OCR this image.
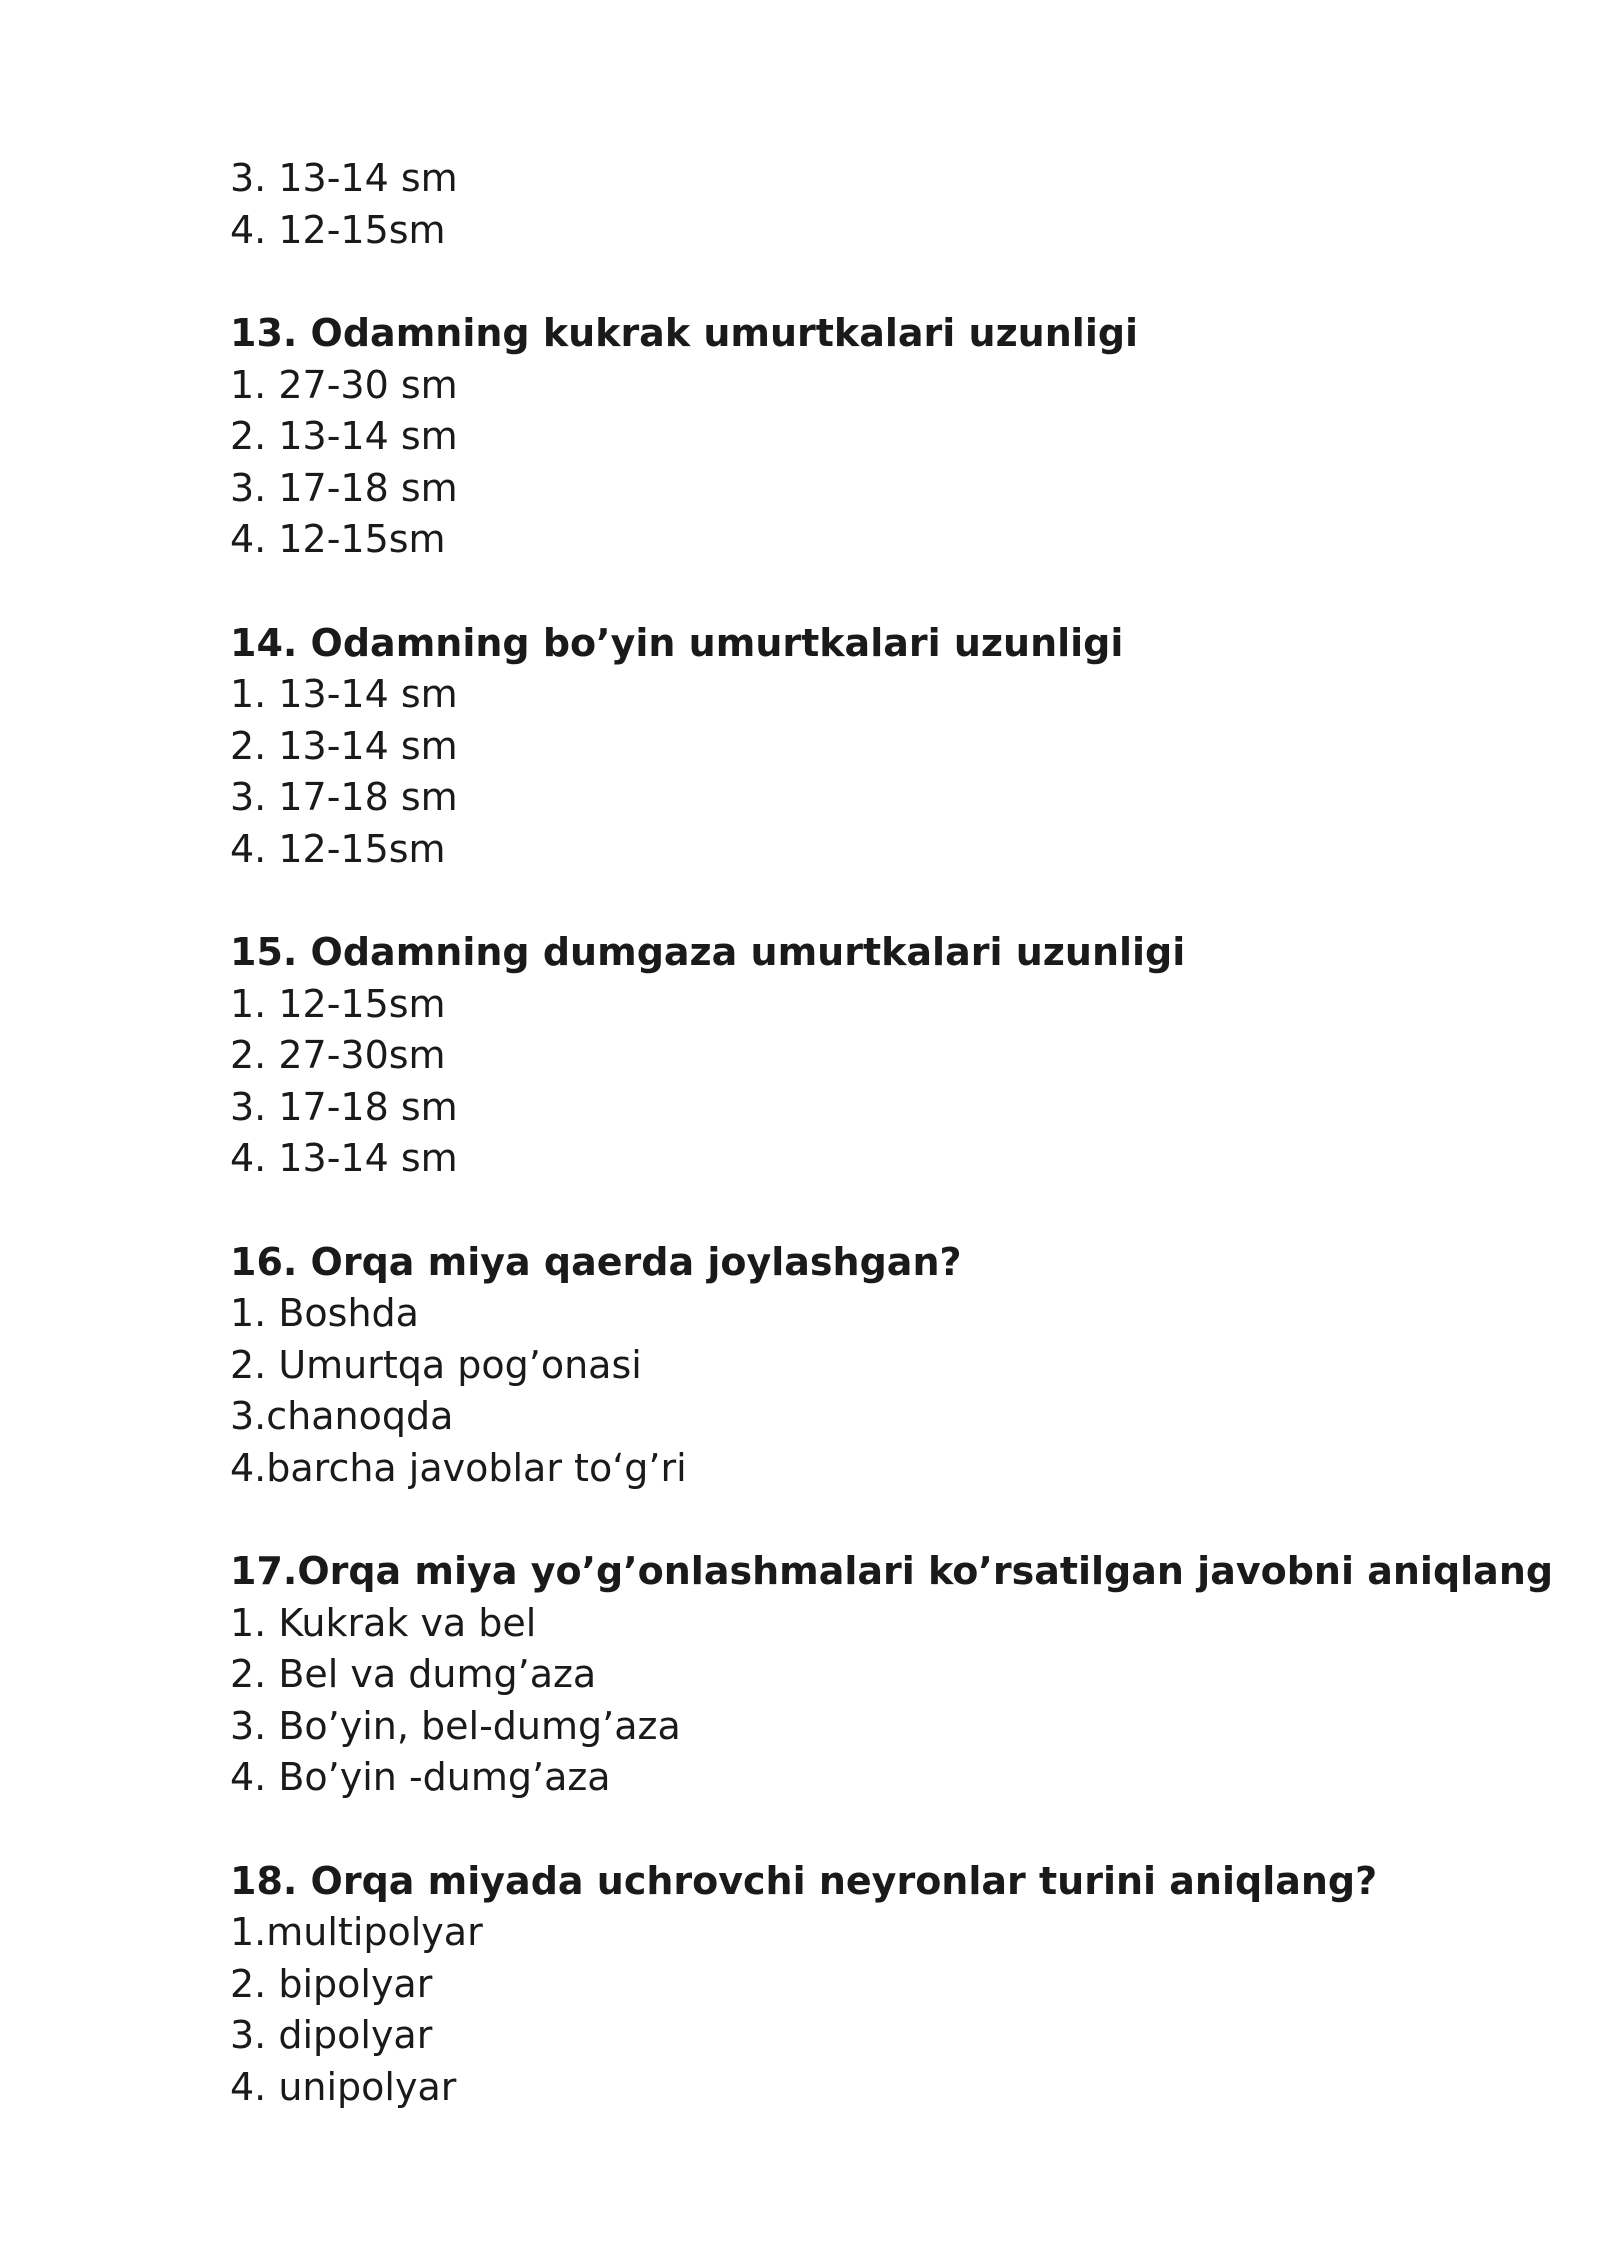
3. 13-14 sm
4. 12-15sm
13. Odamning kukrak umurtkalari uzunligi
1. 27-30 sm
2. 13-14 sm
3. 17-18 sm
4. 12-15sm
14. Odamning bo’yin umurtkalari uzunligi
1. 13-14 sm
2. 13-14 sm
3. 17-18 sm
4. 12-15sm
15. Odamning dumgaza umurtkalari uzunligi
1. 12-15sm
2. 27-30sm
3. 17-18 sm
4. 13-14 sm
16. Orqa miya qaerda joylashgan?
1. Boshda
2. Umurtqa pog’onasi
3.chanoqda
4.barcha javoblar to‘g’ri
17.Orqa miya yo’g’onlashmalari ko’rsatilgan javobni aniqlang
1. Kukrak va bel
2. Bel va dumg’aza
3. Bo’yin, bel-dumg’aza
4. Bo’yin -dumg’aza
18. Orqa miyada uchrovchi neyronlar turini aniqlang?
1.multipolyar
2. bipolyar
3. dipolyar
4. unipolyar
